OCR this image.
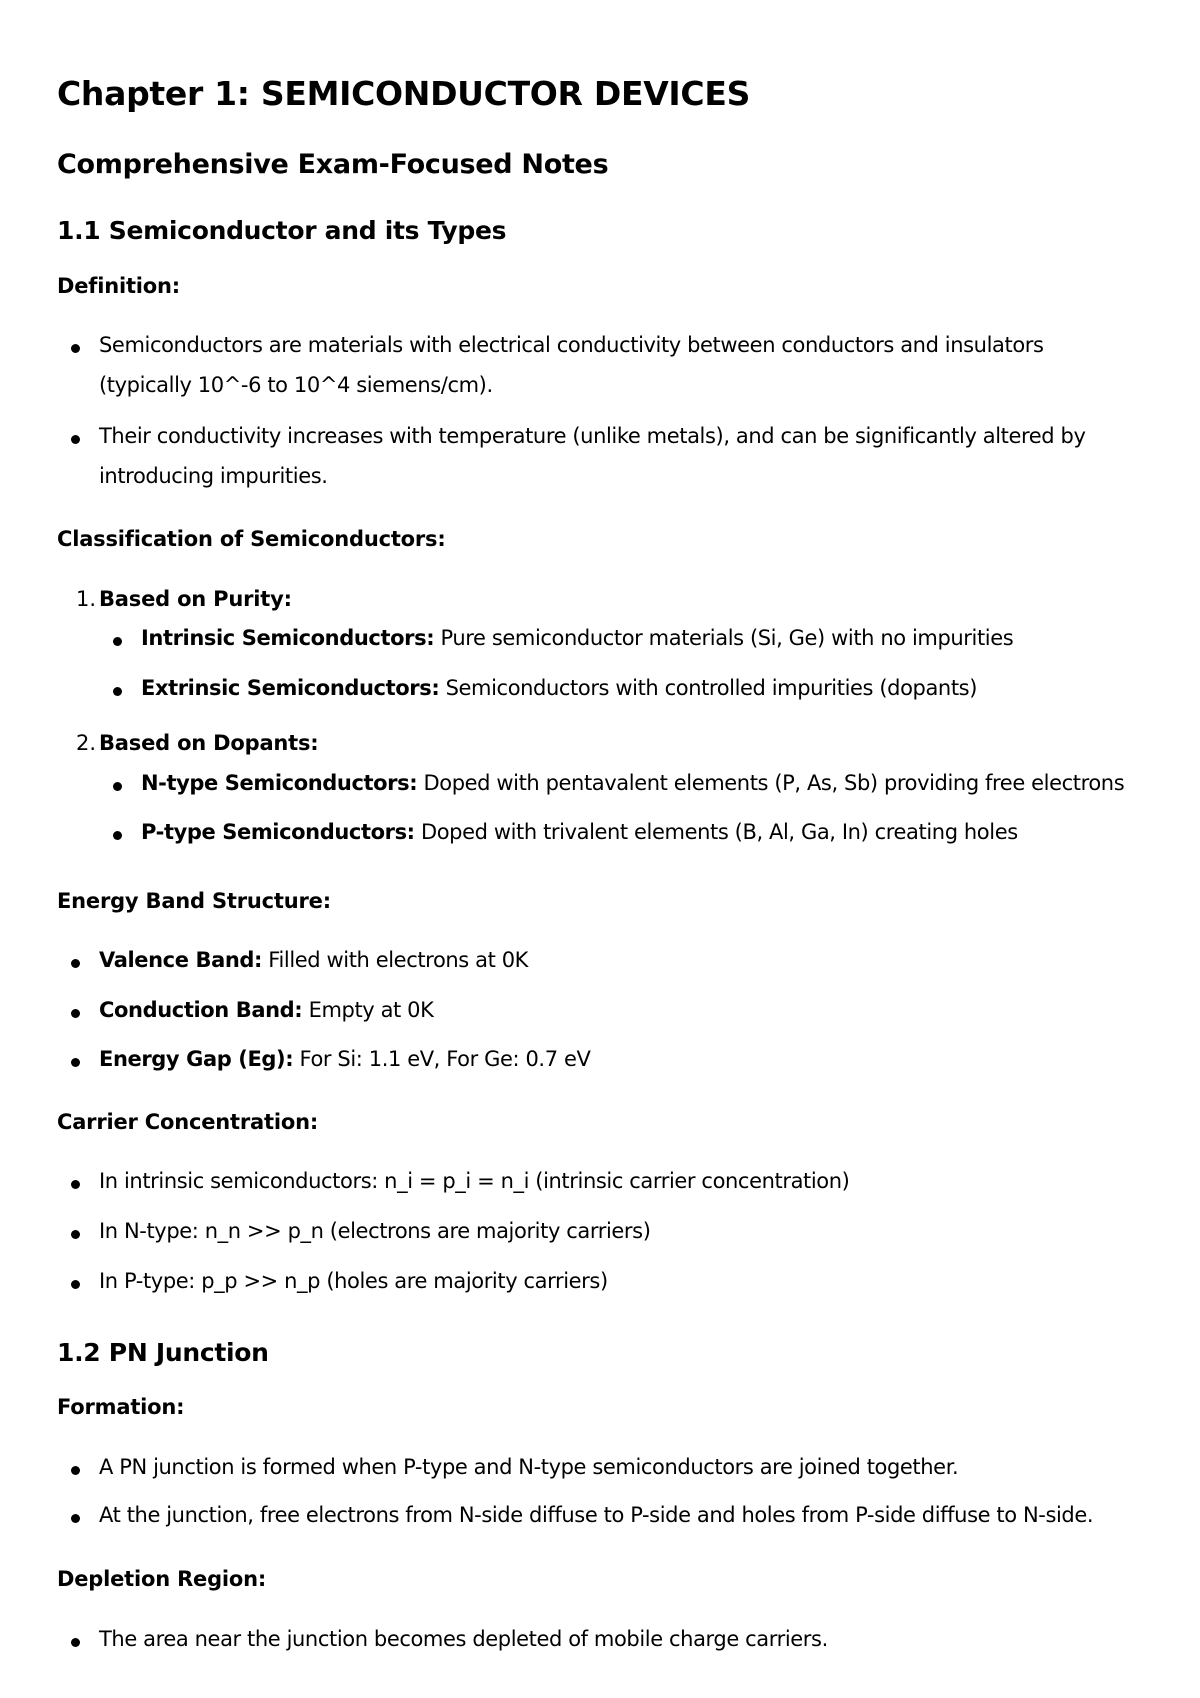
Chapter 1: SEMICONDUCTOR DEVICES
Comprehensive Exam-Focused Notes
1.1 Semiconductor and its Types
Definition:
Semiconductors are materials with electrical conductivity between conductors and insulators
(typically 10^-6 to 10^4 siemens/cm).
Their conductivity increases with temperature (unlike metals), and can be significantly altered by
introducing impurities.
Classification of Semiconductors:
1. Based on Purity:
Intrinsic Semiconductors: Pure semiconductor materials (Si, Ge) with no impurities
Extrinsic Semiconductors: Semiconductors with controlled impurities (dopants)
2. Based on Dopants:
N-type Semiconductors: Doped with pentavalent elements (P, As, Sb) providing free electrons
P-type Semiconductors: Doped with trivalent elements (B, Al, Ga, In) creating holes
Energy Band Structure:
Valence Band: Filled with electrons at 0K
Conduction Band: Empty at 0K
Energy Gap (Eg): For Si: 1.1 eV, For Ge: 0.7 eV
Carrier Concentration:
In intrinsic semiconductors: n_i = p_i = n_i (intrinsic carrier concentration)
In N-type: n_n >> p_n (electrons are majority carriers)
In P-type: p_p >> n_p (holes are majority carriers)
1.2 PN Junction
Formation:
A PN junction is formed when P-type and N-type semiconductors are joined together.
At the junction, free electrons from N-side diffuse to P-side and holes from P-side diffuse to N-side.
Depletion Region:
The area near the junction becomes depleted of mobile charge carriers.
